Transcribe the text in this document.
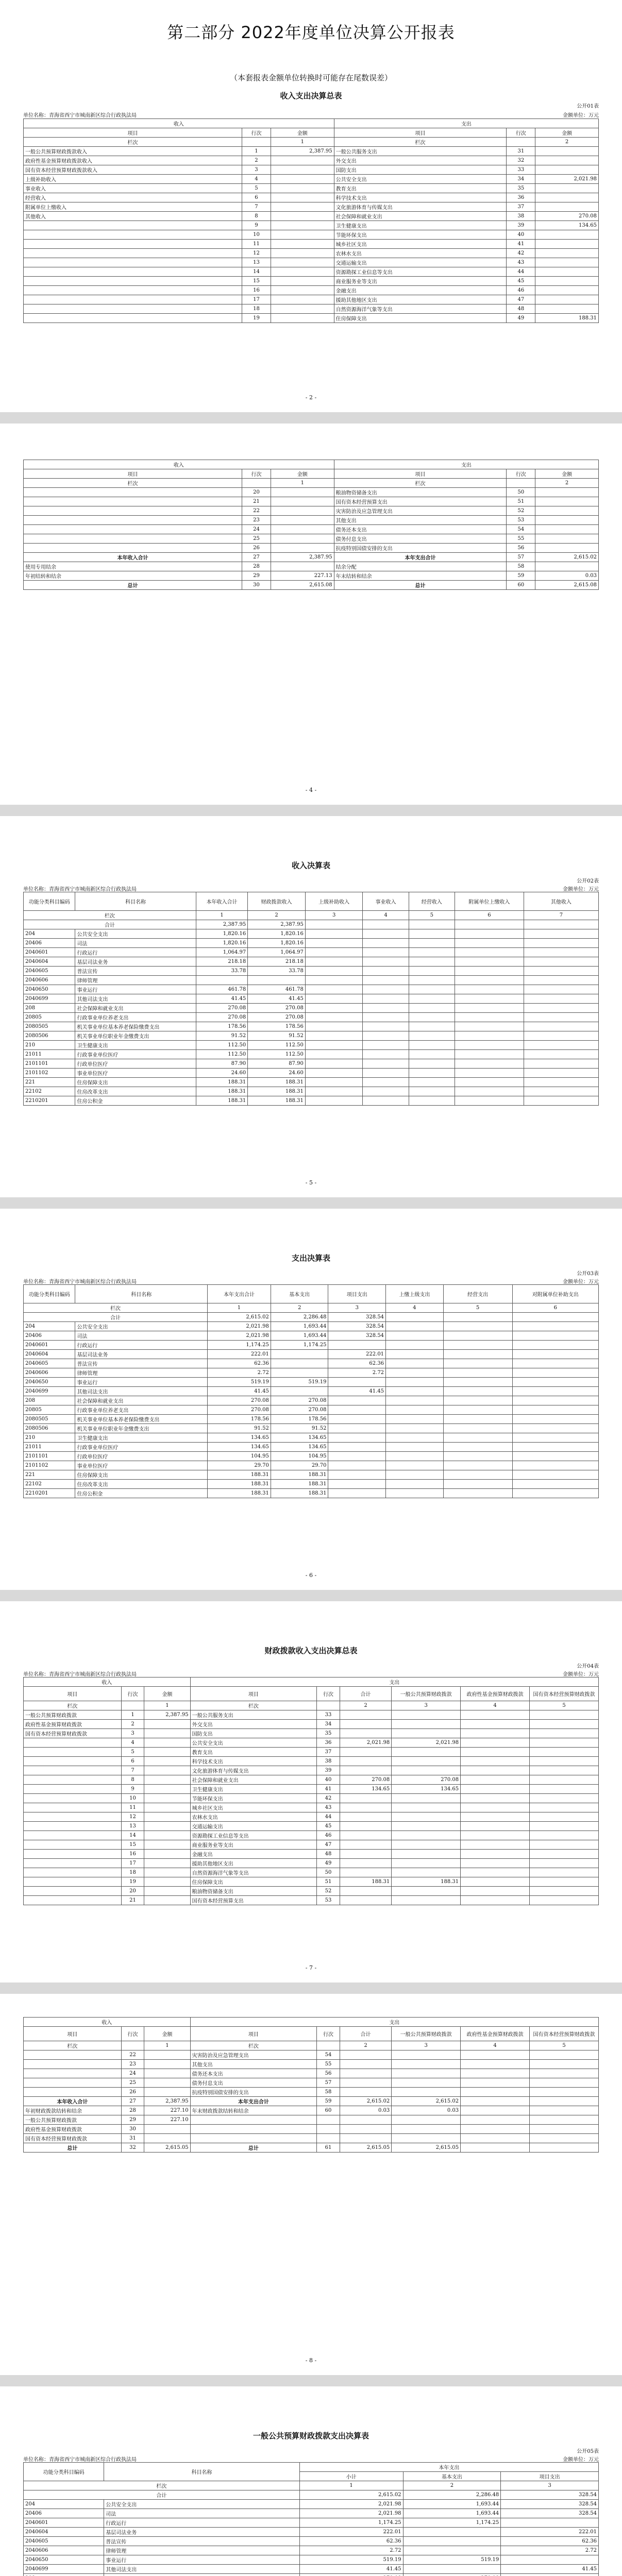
第二部分 2022年度单位决算公开报表
（本套报表金额单位转换时可能存在尾数误差）
收入支出决算总表
公开01表
单位名称：青海省西宁市城南新区综合行政执法局	金额单位：万元
收入			支出		
项目	行次	金额	项目	行次	金额
栏次		1	栏次		2
一般公共预算财政拨款收入	1	2,387.95	一般公共服务支出	31	
政府性基金预算财政拨款收入	2		外交支出	32	
国有资本经营预算财政拨款收入	3		国防支出	33	
上级补助收入	4		公共安全支出	34	2,021.98
事业收入	5		教育支出	35	
经营收入	6		科学技术支出	36	
附属单位上缴收入	7		文化旅游体育与传媒支出	37	
其他收入	8		社会保障和就业支出	38	270.08
	9		卫生健康支出	39	134.65
	10		节能环保支出	40	
	11		城乡社区支出	41	
	12		农林水支出	42	
	13		交通运输支出	43	
	14		资源勘探工业信息等支出	44	
	15		商业服务业等支出	45	
	16		金融支出	46	
	17		援助其他地区支出	47	
	18		自然资源海洋气象等支出	48	
	19		住房保障支出	49	188.31
- 2 -
收入			支出		
项目	行次	金额	项目	行次	金额
栏次		1	栏次		2
	20		粮油物资储备支出	50	
	21		国有资本经营预算支出	51	
	22		灾害防治及应急管理支出	52	
	23		其他支出	53	
	24		债务还本支出	54	
	25		债务付息支出	55	
	26		抗疫特别国债安排的支出	56	
本年收入合计	27	2,387.95	本年支出合计	57	2,615.02
使用专用结余	28		结余分配	58	
年初结转和结余	29	227.13	年末结转和结余	59	0.03
总计	30	2,615.08	总计	60	2,615.08
- 4 -
收入决算表
公开02表
单位名称：青海省西宁市城南新区综合行政执法局	金额单位：万元
功能分类科目编码	科目名称	本年收入合计	财政拨款收入	上级补助收入	事业收入	经营收入	附属单位上缴收入	其他收入
栏次		1	2	3	4	5	6	7
合计		2,387.95	2,387.95					
204	公共安全支出	1,820.16	1,820.16					
20406	司法	1,820.16	1,820.16					
2040601	行政运行	1,064.97	1,064.97					
2040604	基层司法业务	218.18	218.18					
2040605	普法宣传	33.78	33.78					
2040606	律师管理							
2040650	事业运行	461.78	461.78					
2040699	其他司法支出	41.45	41.45					
208	社会保障和就业支出	270.08	270.08					
20805	行政事业单位养老支出	270.08	270.08					
2080505	机关事业单位基本养老保险缴费支出	178.56	178.56					
2080506	机关事业单位职业年金缴费支出	91.52	91.52					
210	卫生健康支出	112.50	112.50					
21011	行政事业单位医疗	112.50	112.50					
2101101	行政单位医疗	87.90	87.90					
2101102	事业单位医疗	24.60	24.60					
221	住房保障支出	188.31	188.31					
22102	住房改革支出	188.31	188.31					
2210201	住房公积金	188.31	188.31					
- 5 -
支出决算表
公开03表
单位名称：青海省西宁市城南新区综合行政执法局	金额单位：万元
功能分类科目编码	科目名称	本年支出合计	基本支出	项目支出	上缴上级支出	经营支出	对附属单位补助支出
栏次		1	2	3	4	5	6
合计		2,615.02	2,286.48	328.54			
204	公共安全支出	2,021.98	1,693.44	328.54			
20406	司法	2,021.98	1,693.44	328.54			
2040601	行政运行	1,174.25	1,174.25				
2040604	基层司法业务	222.01		222.01			
2040605	普法宣传	62.36		62.36			
2040606	律师管理	2.72		2.72			
2040650	事业运行	519.19	519.19				
2040699	其他司法支出	41.45		41.45			
208	社会保障和就业支出	270.08	270.08				
20805	行政事业单位养老支出	270.08	270.08				
2080505	机关事业单位基本养老保险缴费支出	178.56	178.56				
2080506	机关事业单位职业年金缴费支出	91.52	91.52				
210	卫生健康支出	134.65	134.65				
21011	行政事业单位医疗	134.65	134.65				
2101101	行政单位医疗	104.95	104.95				
2101102	事业单位医疗	29.70	29.70				
221	住房保障支出	188.31	188.31				
22102	住房改革支出	188.31	188.31				
2210201	住房公积金	188.31	188.31				
- 6 -
财政拨款收入支出决算总表
公开04表
单位名称：青海省西宁市城南新区综合行政执法局	金额单位：万元
收入			支出					
项目	行次	金额	项目	行次	合计	一般公共预算财政拨款	政府性基金预算财政拨款	国有资本经营预算财政拨款
栏次		1	栏次		2	3	4	5
一般公共预算财政拨款	1	2,387.95	一般公共服务支出	33				
政府性基金预算财政拨款	2		外交支出	34				
国有资本经营预算财政拨款	3		国防支出	35				
	4		公共安全支出	36	2,021.98	2,021.98		
	5		教育支出	37				
	6		科学技术支出	38				
	7		文化旅游体育与传媒支出	39				
	8		社会保障和就业支出	40	270.08	270.08		
	9		卫生健康支出	41	134.65	134.65		
	10		节能环保支出	42				
	11		城乡社区支出	43				
	12		农林水支出	44				
	13		交通运输支出	45				
	14		资源勘探工业信息等支出	46				
	15		商业服务业等支出	47				
	16		金融支出	48				
	17		援助其他地区支出	49				
	18		自然资源海洋气象等支出	50				
	19		住房保障支出	51	188.31	188.31		
	20		粮油物资储备支出	52				
	21		国有资本经营预算支出	53				
- 7 -
收入			支出					
项目	行次	金额	项目	行次	合计	一般公共预算财政拨款	政府性基金预算财政拨款	国有资本经营预算财政拨款
栏次		1	栏次		2	3	4	5
	22		灾害防治及应急管理支出	54				
	23		其他支出	55				
	24		债务还本支出	56				
	25		债务付息支出	57				
	26		抗疫特别国债安排的支出	58				
本年收入合计	27	2,387.95	本年支出合计	59	2,615.02	2,615.02		
年初财政拨款结转和结余	28	227.10	年末财政拨款结转和结余	60	0.03	0.03		
一般公共预算财政拨款	29	227.10						
政府性基金预算财政拨款	30							
国有资本经营预算财政拨款	31							
总计	32	2,615.05	总计	61	2,615.05	2,615.05		
- 8 -
一般公共预算财政拨款支出决算表
公开05表
单位名称：青海省西宁市城南新区综合行政执法局	金额单位：万元
功能分类科目编码	科目名称	本年支出		
		小计	基本支出	项目支出
栏次		1	2	3
合计		2,615.02	2,286.48	328.54
204	公共安全支出	2,021.98	1,693.44	328.54
20406	司法	2,021.98	1,693.44	328.54
2040601	行政运行	1,174.25	1,174.25	
2040604	基层司法业务	222.01		222.01
2040605	普法宣传	62.36		62.36
2040606	律师管理	2.72		2.72
2040650	事业运行	519.19	519.19	
2040699	其他司法支出	41.45		41.45
